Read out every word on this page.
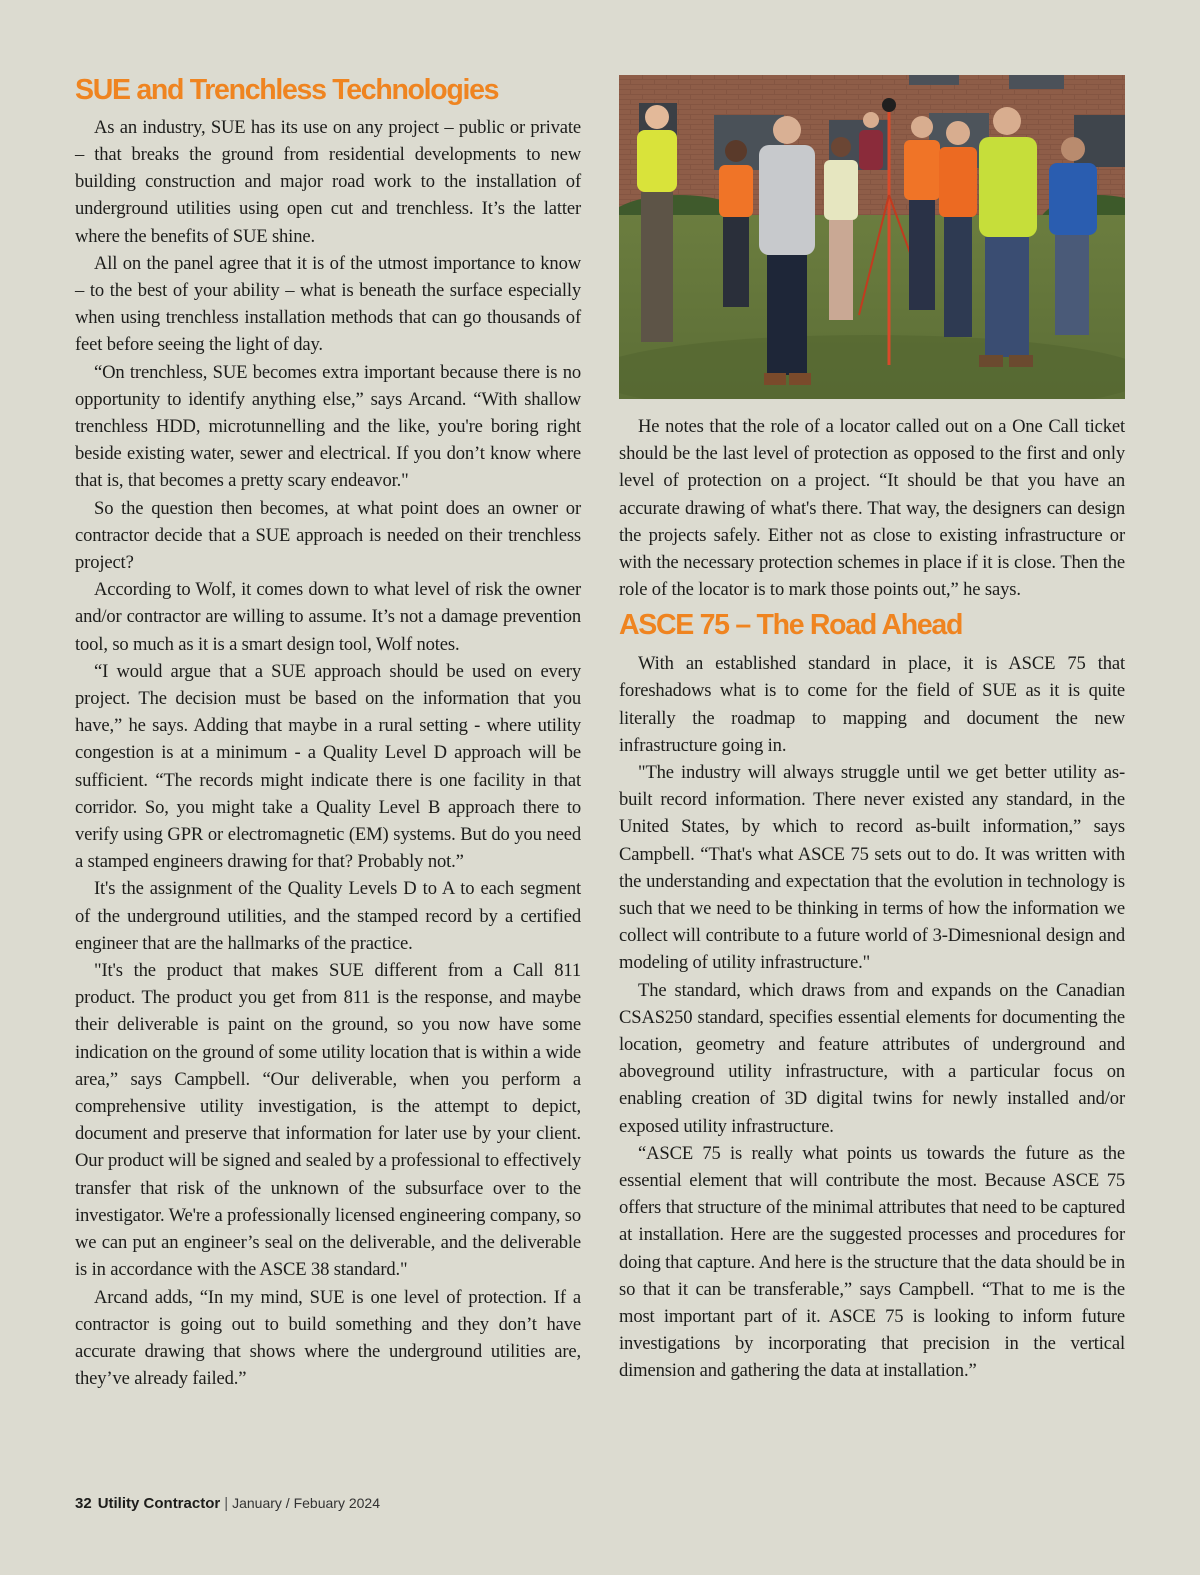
SUE and Trenchless Technologies

As an industry, SUE has its use on any project – public or private – that breaks the ground from residential developments to new building construction and major road work to the installation of underground utilities using open cut and trenchless. It’s the latter where the benefits of SUE shine.

All on the panel agree that it is of the utmost importance to know – to the best of your ability – what is beneath the surface especially when using trenchless installation methods that can go thousands of feet before seeing the light of day.

“On trenchless, SUE becomes extra important because there is no opportunity to identify anything else,” says Arcand. “With shallow trenchless HDD, microtunnelling and the like, you're boring right beside existing water, sewer and electrical. If you don’t know where that is, that becomes a pretty scary endeavor."

So the question then becomes, at what point does an owner or contractor decide that a SUE approach is needed on their trenchless project?

According to Wolf, it comes down to what level of risk the owner and/or contractor are willing to assume. It’s not a damage prevention tool, so much as it is a smart design tool, Wolf notes.

“I would argue that a SUE approach should be used on every project. The decision must be based on the information that you have,” he says. Adding that maybe in a rural setting - where utility congestion is at a minimum - a Quality Level D approach will be sufficient. “The records might indicate there is one facility in that corridor. So, you might take a Quality Level B approach there to verify using GPR or electromagnetic (EM) systems. But do you need a stamped engineers drawing for that? Probably not.”

It's the assignment of the Quality Levels D to A to each segment of the underground utilities, and the stamped record by a certified engineer that are the hallmarks of the practice.

"It's the product that makes SUE different from a Call 811 product. The product you get from 811 is the response, and maybe their deliverable is paint on the ground, so you now have some indication on the ground of some utility location that is within a wide area,” says Campbell. “Our deliverable, when you perform a comprehensive utility investigation, is the attempt to depict, document and preserve that information for later use by your client. Our product will be signed and sealed by a professional to effectively transfer that risk of the unknown of the subsurface over to the investigator. We're a professionally licensed engineering company, so we can put an engineer’s seal on the deliverable, and the deliverable is in accordance with the ASCE 38 standard."

Arcand adds, “In my mind, SUE is one level of protection. If a contractor is going out to build something and they don’t have accurate drawing that shows where the underground utilities are, they’ve already failed.”

He notes that the role of a locator called out on a One Call ticket should be the last level of protection as opposed to the first and only level of protection on a project. “It should be that you have an accurate drawing of what's there. That way, the designers can design the projects safely. Either not as close to existing infrastructure or with the necessary protection schemes in place if it is close. Then the role of the locator is to mark those points out,” he says.

ASCE 75 – The Road Ahead

With an established standard in place, it is ASCE 75 that foreshadows what is to come for the field of SUE as it is quite literally the roadmap to mapping and document the new infrastructure going in.

"The industry will always struggle until we get better utility as-built record information. There never existed any standard, in the United States, by which to record as-built information,” says Campbell. “That's what ASCE 75 sets out to do. It was written with the understanding and expectation that the evolution in technology is such that we need to be thinking in terms of how the information we collect will contribute to a future world of 3-Dimesnional design and modeling of utility infrastructure."

The standard, which draws from and expands on the Canadian CSAS250 standard, specifies essential elements for documenting the location, geometry and feature attributes of underground and aboveground utility infrastructure, with a particular focus on enabling creation of 3D digital twins for newly installed and/or exposed utility infrastructure.

“ASCE 75 is really what points us towards the future as the essential element that will contribute the most. Because ASCE 75 offers that structure of the minimal attributes that need to be captured at installation. Here are the suggested processes and procedures for doing that capture. And here is the structure that the data should be in so that it can be transferable,” says Campbell. “That to me is the most important part of it. ASCE 75 is looking to inform future investigations by incorporating that precision in the vertical dimension and gathering the data at installation.”

32 Utility Contractor | January / Febuary 2024
